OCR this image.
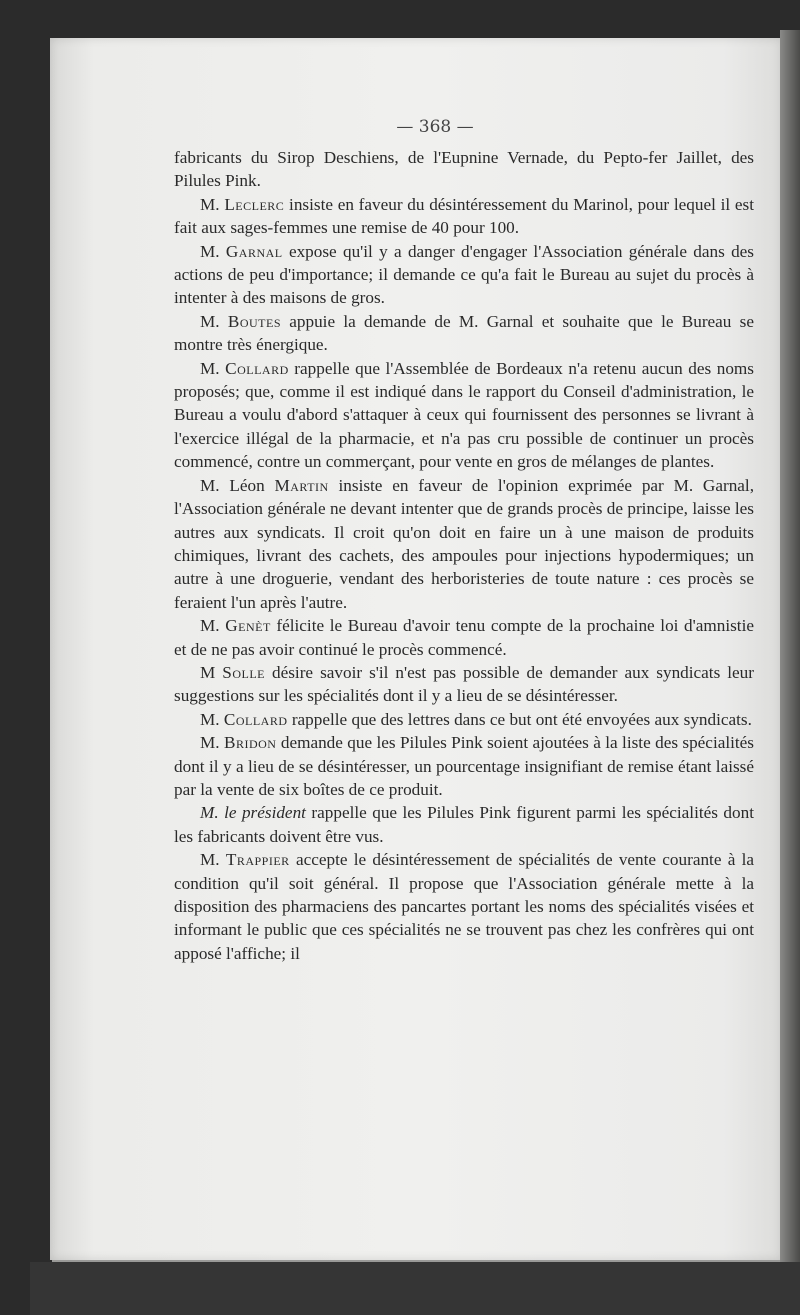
— 368 —

fabricants du Sirop Deschiens, de l'Eupnine Vernade, du Pepto-fer Jaillet, des Pilules Pink.

M. Leclerc insiste en faveur du désintéressement du Marinol, pour lequel il est fait aux sages-femmes une remise de 40 pour 100.

M. Garnal expose qu'il y a danger d'engager l'Association générale dans des actions de peu d'importance; il demande ce qu'a fait le Bureau au sujet du procès à intenter à des maisons de gros.

M. Boutes appuie la demande de M. Garnal et souhaite que le Bureau se montre très énergique.

M. Collard rappelle que l'Assemblée de Bordeaux n'a retenu aucun des noms proposés; que, comme il est indiqué dans le rapport du Conseil d'administration, le Bureau a voulu d'abord s'attaquer à ceux qui fournissent des personnes se livrant à l'exercice illégal de la pharmacie, et n'a pas cru possible de continuer un procès commencé, contre un commerçant, pour vente en gros de mélanges de plantes.

M. Léon Martin insiste en faveur de l'opinion exprimée par M. Garnal, l'Association générale ne devant intenter que de grands procès de principe, laisse les autres aux syndicats. Il croit qu'on doit en faire un à une maison de produits chimiques, livrant des cachets, des ampoules pour injections hypodermiques; un autre à une droguerie, vendant des herboristeries de toute nature : ces procès se feraient l'un après l'autre.

M. Genèt félicite le Bureau d'avoir tenu compte de la prochaine loi d'amnistie et de ne pas avoir continué le procès commencé.

M Solle désire savoir s'il n'est pas possible de demander aux syndicats leur suggestions sur les spécialités dont il y a lieu de se désintéresser.

M. Collard rappelle que des lettres dans ce but ont été envoyées aux syndicats.

M. Bridon demande que les Pilules Pink soient ajoutées à la liste des spécialités dont il y a lieu de se désintéresser, un pourcentage insignifiant de remise étant laissé par la vente de six boîtes de ce produit.

M. le président rappelle que les Pilules Pink figurent parmi les spécialités dont les fabricants doivent être vus.

M. Trappier accepte le désintéressement de spécialités de vente courante à la condition qu'il soit général. Il propose que l'Association générale mette à la disposition des pharmaciens des pancartes portant les noms des spécialités visées et informant le public que ces spécialités ne se trouvent pas chez les confrères qui ont apposé l'affiche; il
